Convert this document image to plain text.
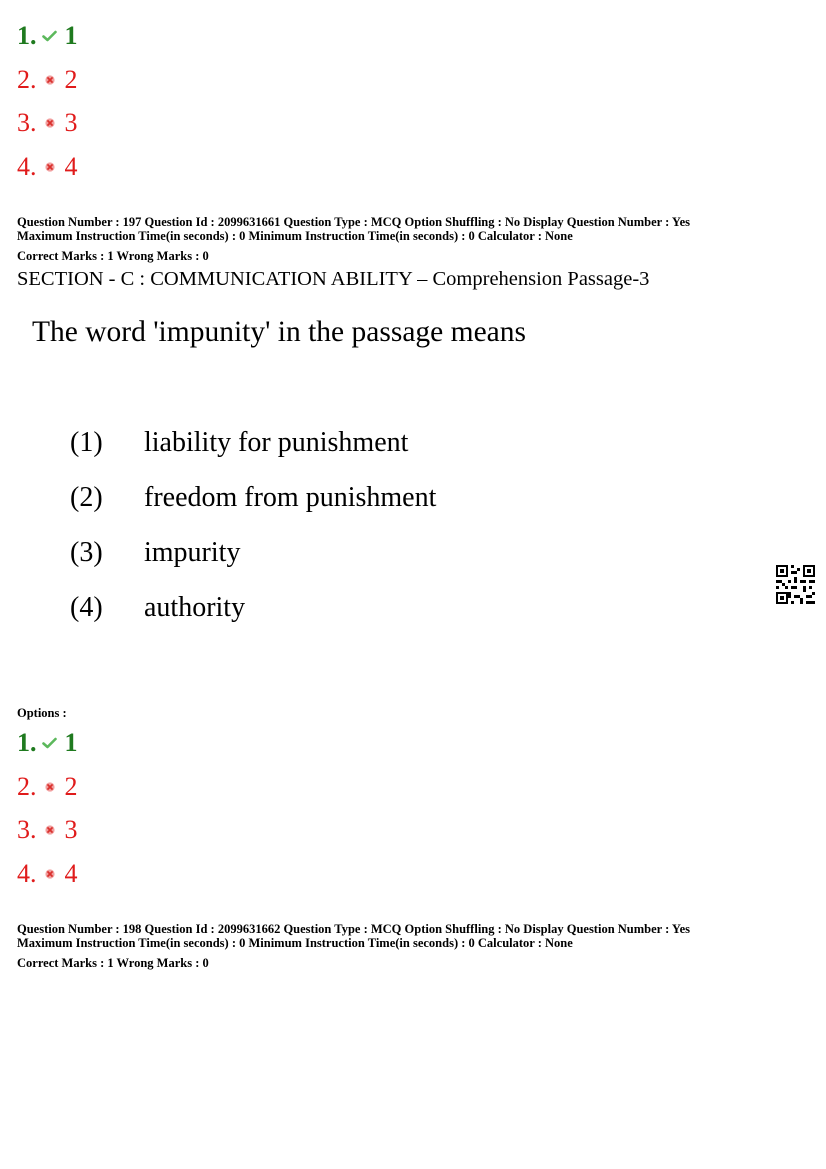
1. 1
2. 2
3. 3
4. 4
Question Number : 197 Question Id : 2099631661 Question Type : MCQ Option Shuffling : No Display Question Number : Yes
Maximum Instruction Time(in seconds) : 0 Minimum Instruction Time(in seconds) : 0 Calculator : None
Correct Marks : 1 Wrong Marks : 0
SECTION - C : COMMUNICATION ABILITY – Comprehension Passage-3
The word 'impunity' in the passage means
(1)	liability for punishment
(2)	freedom from punishment
(3)	impurity
(4)	authority
Options :
1. 1
2. 2
3. 3
4. 4
Question Number : 198 Question Id : 2099631662 Question Type : MCQ Option Shuffling : No Display Question Number : Yes
Maximum Instruction Time(in seconds) : 0 Minimum Instruction Time(in seconds) : 0 Calculator : None
Correct Marks : 1 Wrong Marks : 0
